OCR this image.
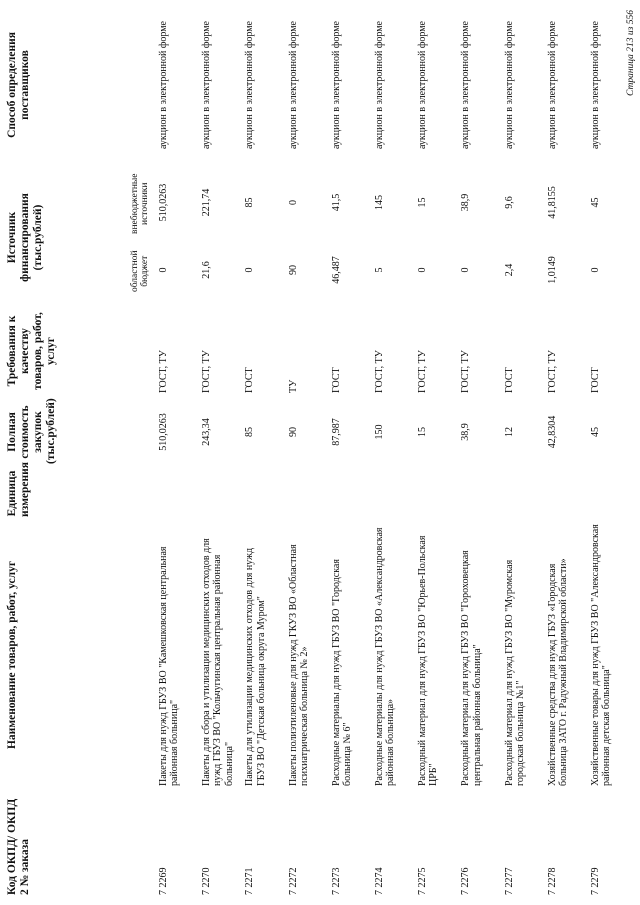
Код ОКПД/ ОКПД 2 № заказа
Наименование товаров, работ, услуг
Единица измерения
Полная стоимость закупок (тыс.рублей)
Требования к качеству товаров, работ, услуг
Источник финансирования (тыс.рублей)
областной бюджет
внебюджетные источники
Способ определения поставщиков
7 2269
Пакеты для нужд ГБУЗ ВО "Камешковская центральная районная больница"
510,0263
ГОСТ, ТУ
0
510,0263
аукцион в электронной форме
7 2270
Пакеты для сбора и утилизации медицинских отходов для нужд ГБУЗ ВО "Кольчугинская центральная районная больница"
243,34
ГОСТ, ТУ
21,6
221,74
аукцион в электронной форме
7 2271
Пакеты для утилизации медицинских отходов для нужд ГБУЗ ВО "Детская больница округа Муром"
85
ГОСТ
0
85
аукцион в электронной форме
7 2272
Пакеты полиэтиленовые для нужд ГКУЗ ВО «Областная психиатрическая больница № 2»
90
ТУ
90
0
аукцион в электронной форме
7 2273
Расходные материалы для нужд ГБУЗ ВО "Городская больница № 6"
87,987
ГОСТ
46,487
41,5
аукцион в электронной форме
7 2274
Расходные материалы для нужд ГБУЗ ВО «Александровская районная больница»
150
ГОСТ, ТУ
5
145
аукцион в электронной форме
7 2275
Расходный материал для нужд ГБУЗ ВО "Юрьев-Польская ЦРБ"
15
ГОСТ, ТУ
0
15
аукцион в электронной форме
7 2276
Расходный материал для нужд ГБУЗ ВО "Гороховецкая центральная районная больница"
38,9
ГОСТ, ТУ
0
38,9
аукцион в электронной форме
7 2277
Расходный материал для нужд ГБУЗ ВО "Муромская городская больница №1"
12
ГОСТ
2,4
9,6
аукцион в электронной форме
7 2278
Хозяйственные средства для нужд ГБУЗ «Городская больница ЗАТО г. Радужный Владимирской области»
42,8304
ГОСТ, ТУ
1,0149
41,8155
аукцион в электронной форме
7 2279
Хозяйственные товары для нужд ГБУЗ ВО "Александровская районная детская больница"
45
ГОСТ
0
45
аукцион в электронной форме	Страница 213 из 556
